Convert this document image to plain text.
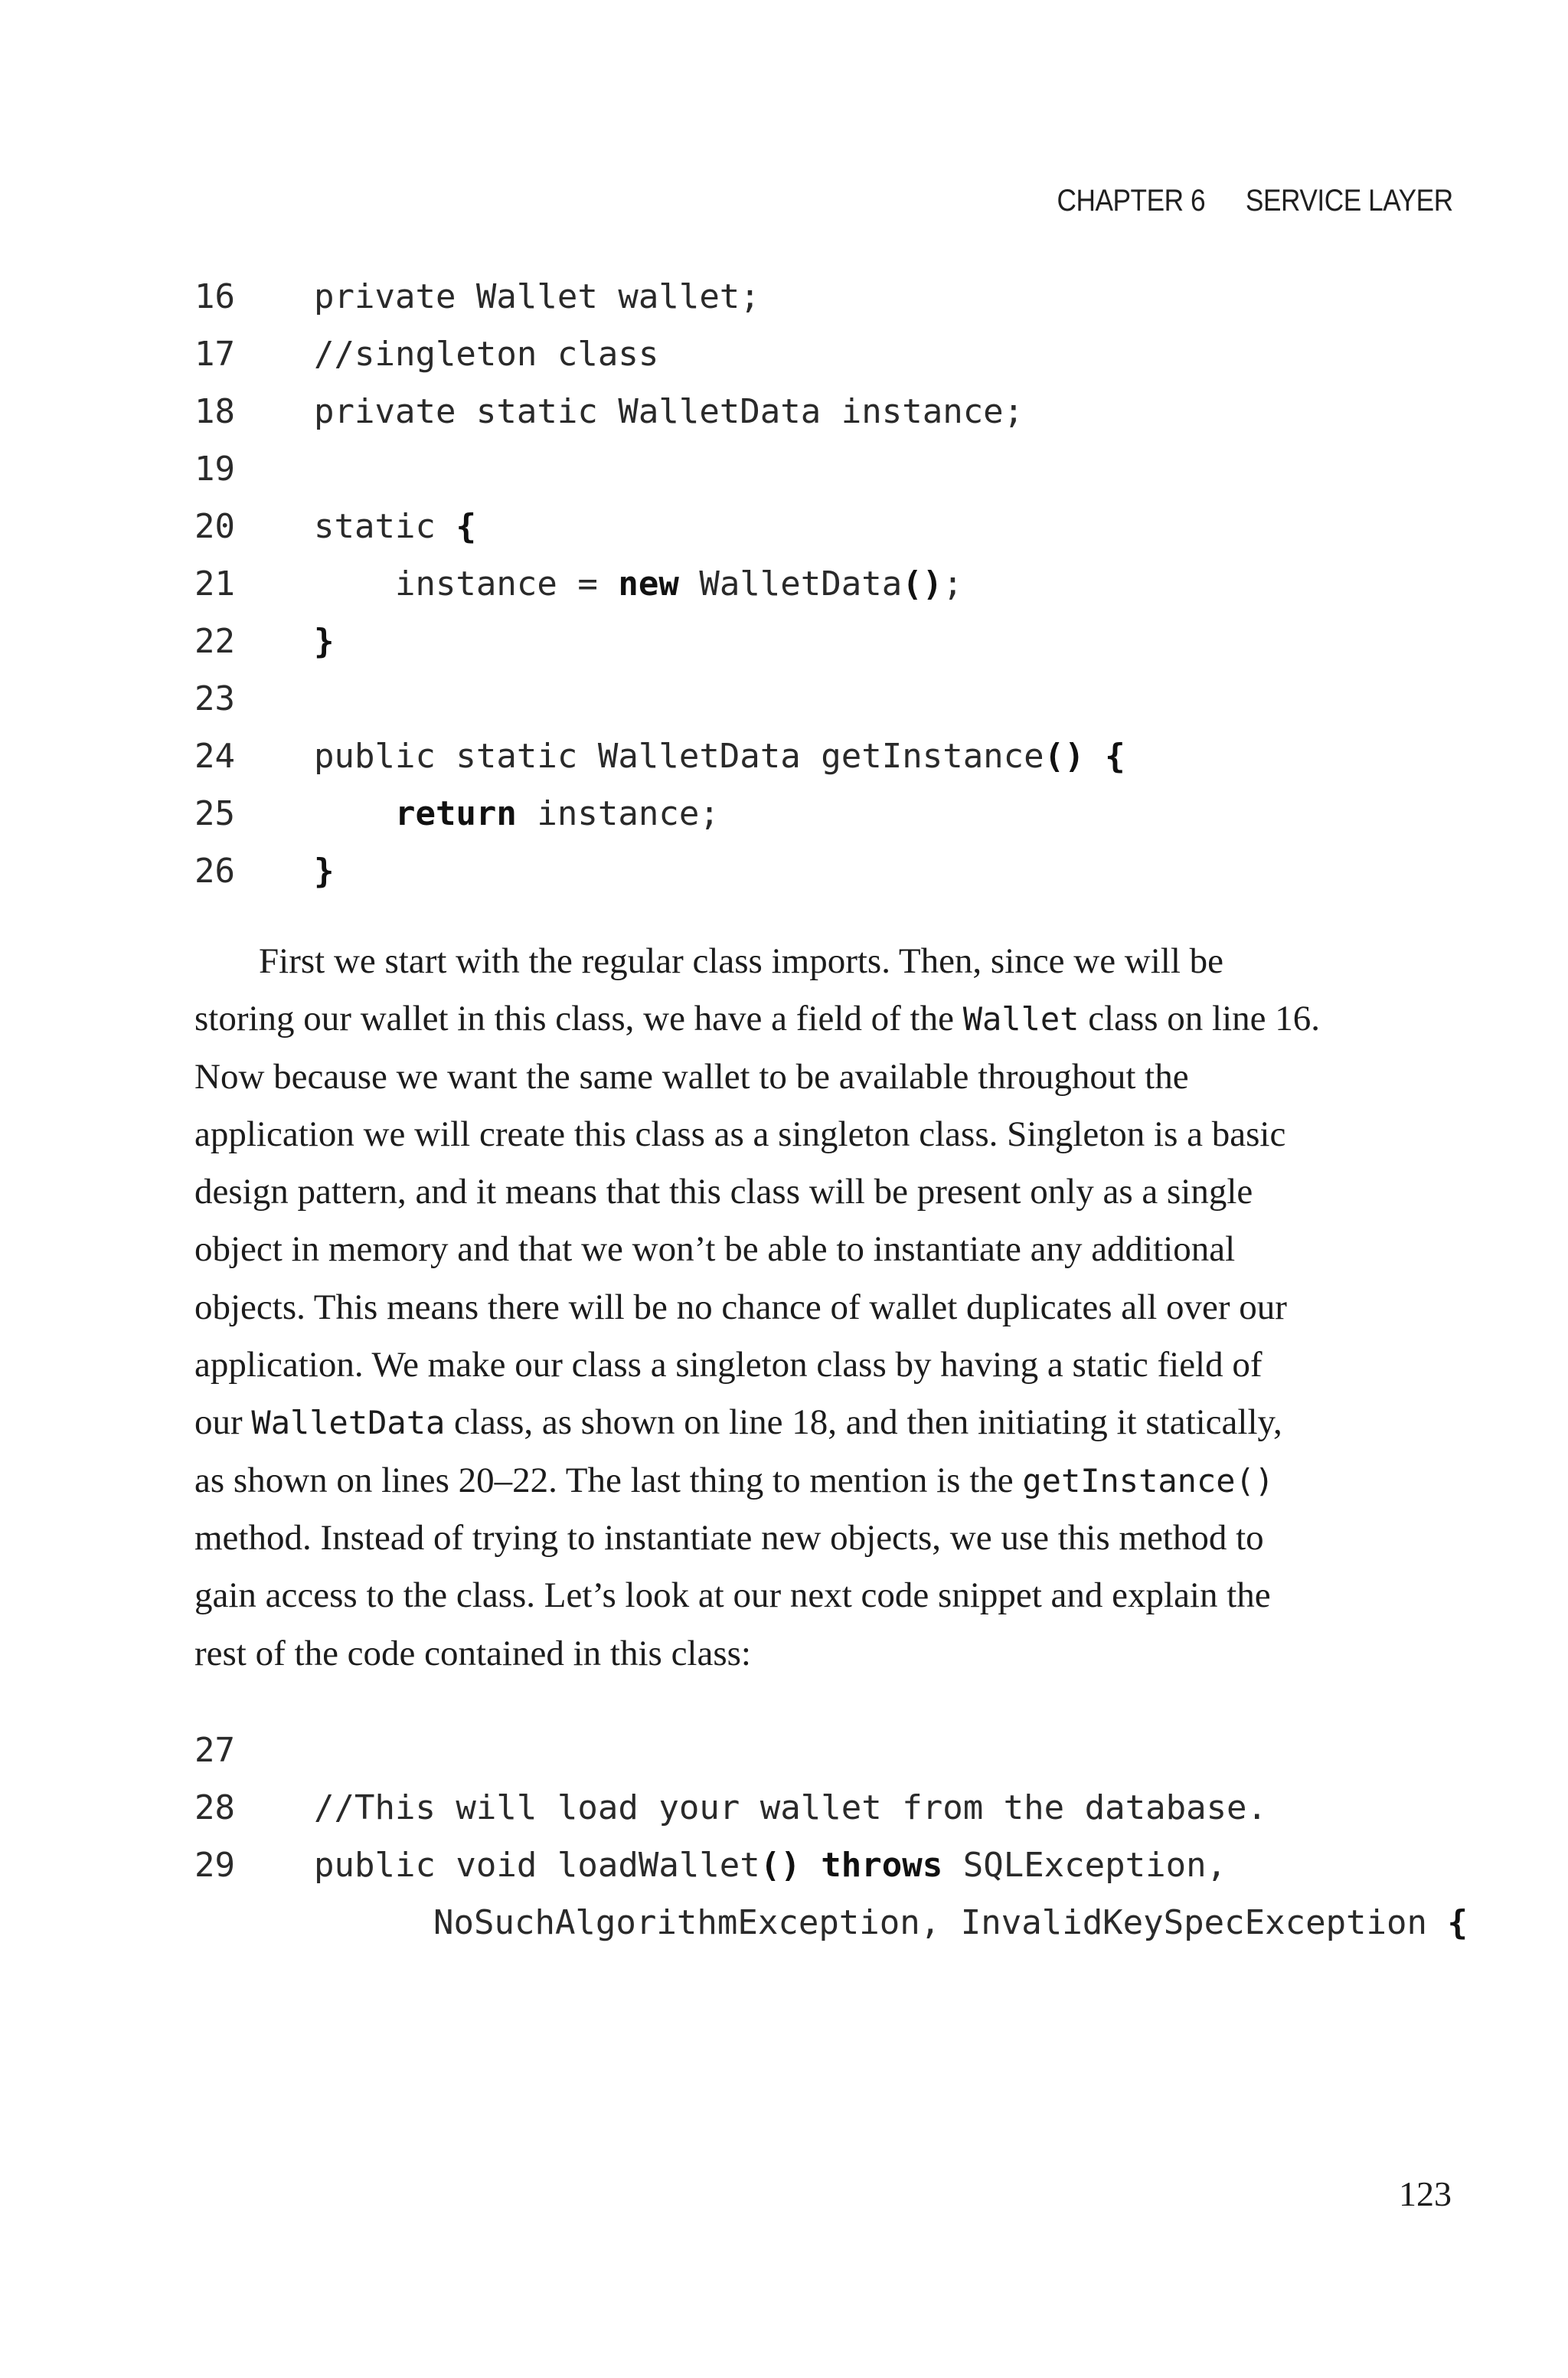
CHAPTER 6 SERVICE LAYER
16 private Wallet wallet;
17 //singleton class
18 private static WalletData instance;
19
20 static {
21 instance = new WalletData();
22 }
23
24 public static WalletData getInstance() {
25	return instance;
26 }

First we start with the regular class imports. Then, since we will be
storing our wallet in this class, we have a field of the Wallet class on line 16.
Now because we want the same wallet to be available throughout the
application we will create this class as a singleton class. Singleton is a basic
design pattern, and it means that this class will be present only as a single
object in memory and that we won’t be able to instantiate any additional
objects. This means there will be no chance of wallet duplicates all over our
application. We make our class a singleton class by having a static field of
our WalletData class, as shown on line 18, and then initiating it statically,
as shown on lines 20–22. The last thing to mention is the getInstance()
method. Instead of trying to instantiate new objects, we use this method to
gain access to the class. Let’s look at our next code snippet and explain the
rest of the code contained in this class:

27
28 //This will load your wallet from the database.
29 public void loadWallet() throws SQLException,
NoSuchAlgorithmException, InvalidKeySpecException {
123
